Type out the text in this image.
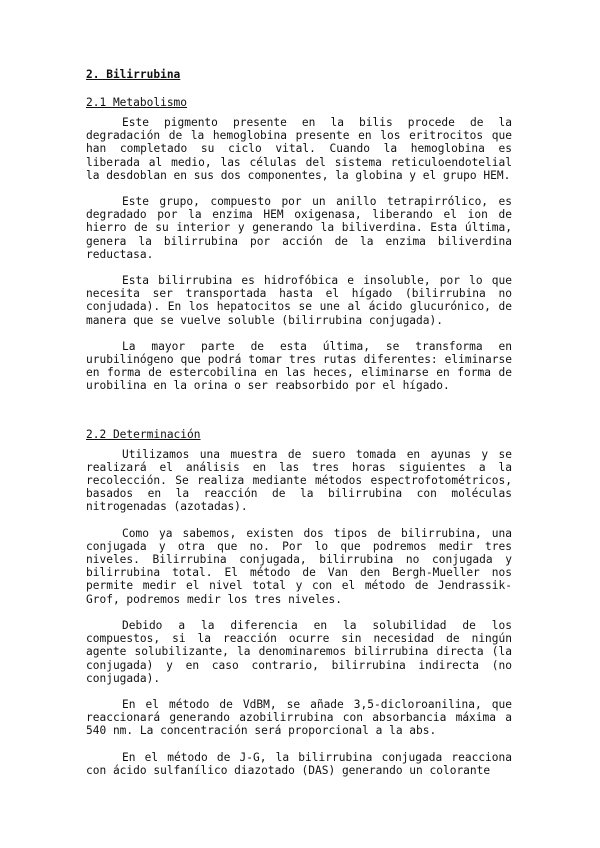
2. Bilirrubina
2.1 Metabolismo

Este pigmento presente en la bilis procede de la degradación de la hemoglobina presente en los eritrocitos que han completado su ciclo vital. Cuando la hemoglobina es liberada al medio, las células del sistema reticuloendotelial la desdoblan en sus dos componentes, la globina y el grupo HEM.

Este grupo, compuesto por un anillo tetrapirrólico, es degradado por la enzima HEM oxigenasa, liberando el ion de hierro de su interior y generando la biliverdina. Esta última, genera la bilirrubina por acción de la enzima biliverdina reductasa.

Esta bilirrubina es hidrofóbica e insoluble, por lo que necesita ser transportada hasta el hígado (bilirrubina no conjudada). En los hepatocitos se une al ácido glucurónico, de manera que se vuelve soluble (bilirrubina conjugada).

La mayor parte de esta última, se transforma en urubilinógeno que podrá tomar tres rutas diferentes: eliminarse en forma de estercobilina en las heces, eliminarse en forma de urobilina en la orina o ser reabsorbido por el hígado.

2.2 Determinación

Utilizamos una muestra de suero tomada en ayunas y se realizará el análisis en las tres horas siguientes a la recolección. Se realiza mediante métodos espectrofotométricos, basados en la reacción de la bilirrubina con moléculas nitrogenadas (azotadas).

Como ya sabemos, existen dos tipos de bilirrubina, una conjugada y otra que no. Por lo que podremos medir tres niveles. Bilirrubina conjugada, bilirrubina no conjugada y bilirrubina total. El método de Van den Bergh-Mueller nos permite medir el nivel total y con el método de Jendrassik-Grof, podremos medir los tres niveles.

Debido a la diferencia en la solubilidad de los compuestos, si la reacción ocurre sin necesidad de ningún agente solubilizante, la denominaremos bilirrubina directa (la conjugada) y en caso contrario, bilirrubina indirecta (no conjugada).

En el método de VdBM, se añade 3,5-dicloroanilina, que reaccionará generando azobilirrubina con absorbancia máxima a 540 nm. La concentración será proporcional a la abs.

En el método de J-G, la bilirrubina conjugada reacciona con ácido sulfanílico diazotado (DAS) generando un colorante
